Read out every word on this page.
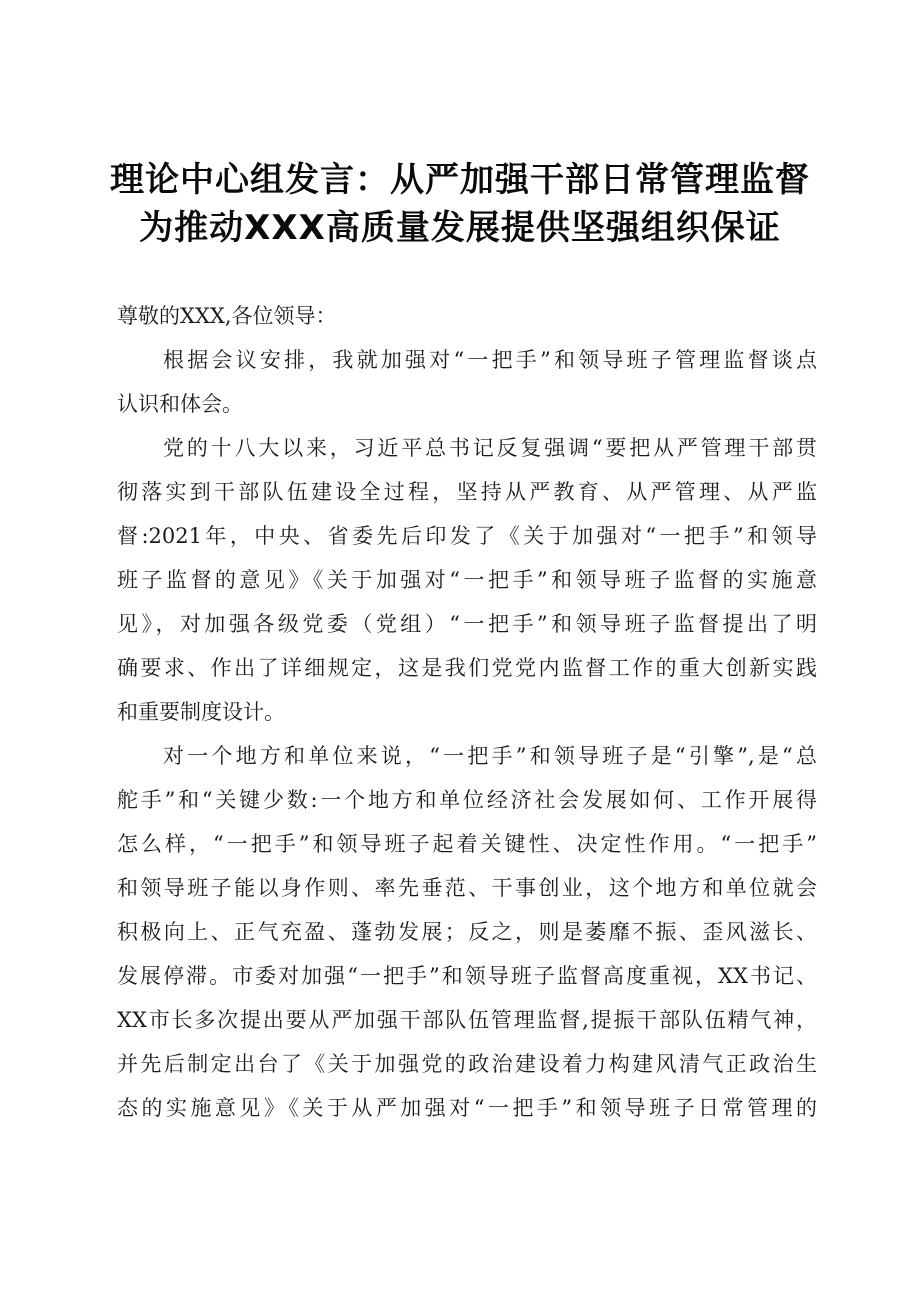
理论中心组发言：从严加强干部日常管理监督
为推动XXX高质量发展提供坚强组织保证
尊敬的XXX,各位领导：
根据会议安排，我就加强对“一把手”和领导班子管理监督谈点
认识和体会。
党的十八大以来，习近平总书记反复强调“要把从严管理干部贯
彻落实到干部队伍建设全过程，坚持从严教育、从严管理、从严监
督:2021年，中央、省委先后印发了《关于加强对“一把手”和领导
班子监督的意见》《关于加强对“一把手”和领导班子监督的实施意
见》，对加强各级党委（党组）“一把手”和领导班子监督提出了明
确要求、作出了详细规定，这是我们党党内监督工作的重大创新实践
和重要制度设计。
对一个地方和单位来说，“一把手”和领导班子是“引擎”,是“总
舵手”和“关键少数:一个地方和单位经济社会发展如何、工作开展得
怎么样，“一把手”和领导班子起着关键性、决定性作用。“一把手”
和领导班子能以身作则、率先垂范、干事创业，这个地方和单位就会
积极向上、正气充盈、蓬勃发展；反之，则是萎靡不振、歪风滋长、
发展停滞。市委对加强“一把手”和领导班子监督高度重视，XX书记、
XX市长多次提出要从严加强干部队伍管理监督,提振干部队伍精气神，
并先后制定出台了《关于加强党的政治建设着力构建风清气正政治生
态的实施意见》《关于从严加强对“一把手”和领导班子日常管理的
